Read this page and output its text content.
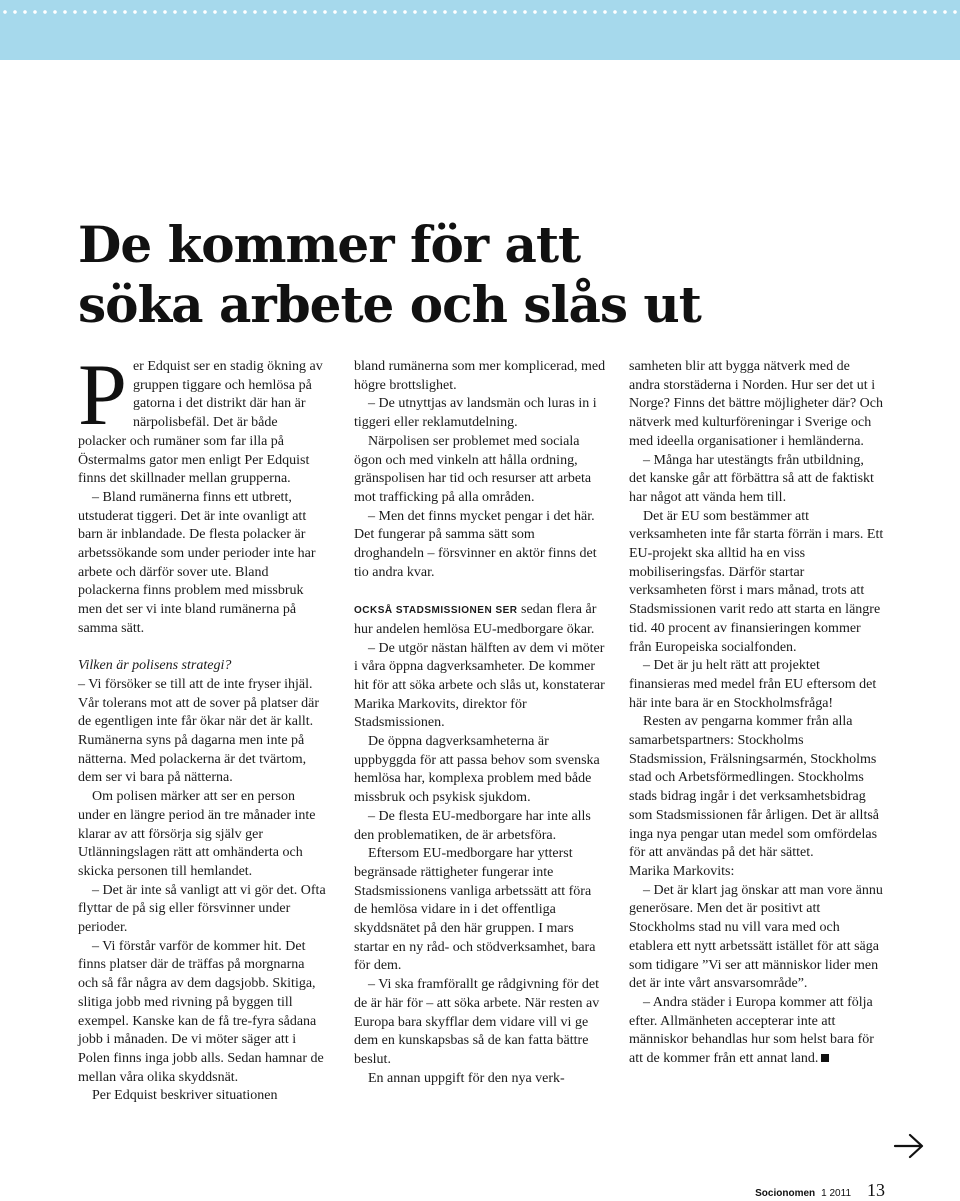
De kommer för att
söka arbete och slås ut

Per Edquist ser en stadig ökning av gruppen tiggare och hemlösa på gatorna i det distrikt där han är närpolisbefäl. Det är både polacker och rumäner som far illa på Östermalms gator men enligt Per Edquist finns det skillnader mellan grupperna.

– Bland rumänerna finns ett utbrett, utstuderat tiggeri. Det är inte ovanligt att barn är inblandade. De flesta polacker är arbetssökande som under perioder inte har arbete och därför sover ute. Bland polackerna finns problem med missbruk men det ser vi inte bland rumänerna på samma sätt.

Vilken är polisens strategi?

– Vi försöker se till att de inte fryser ihjäl. Vår tolerans mot att de sover på platser där de egentligen inte får ökar när det är kallt. Rumänerna syns på dagarna men inte på nätterna. Med polackerna är det tvärtom, dem ser vi bara på nätterna.

Om polisen märker att ser en person under en längre period än tre månader inte klarar av att försörja sig själv ger Utlänningslagen rätt att omhänderta och skicka personen till hemlandet.

– Det är inte så vanligt att vi gör det. Ofta flyttar de på sig eller försvinner under perioder.

– Vi förstår varför de kommer hit. Det finns platser där de träffas på morgnarna och så får några av dem dagsjobb. Skitiga, slitiga jobb med rivning på byggen till exempel. Kanske kan de få tre-fyra sådana jobb i månaden. De vi möter säger att i Polen finns inga jobb alls. Sedan hamnar de mellan våra olika skyddsnät.

Per Edquist beskriver situationen

bland rumänerna som mer komplicerad, med högre brottslighet.

– De utnyttjas av landsmän och luras in i tiggeri eller reklamutdelning.

Närpolisen ser problemet med sociala ögon och med vinkeln att hålla ordning, gränspolisen har tid och resurser att arbeta mot trafficking på alla områden.

– Men det finns mycket pengar i det här. Det fungerar på samma sätt som droghandeln – försvinner en aktör finns det tio andra kvar.

OCKSÅ STADSMISSIONEN SER sedan flera år hur andelen hemlösa EU-medborgare ökar.

– De utgör nästan hälften av dem vi möter i våra öppna dagverksamheter. De kommer hit för att söka arbete och slås ut, konstaterar Marika Markovits, direktor för Stadsmissionen.

De öppna dagverksamheterna är uppbyggda för att passa behov som svenska hemlösa har, komplexa problem med både missbruk och psykisk sjukdom.

– De flesta EU-medborgare har inte alls den problematiken, de är arbetsföra.

Eftersom EU-medborgare har ytterst begränsade rättigheter fungerar inte Stadsmissionens vanliga arbetssätt att föra de hemlösa vidare in i det offentliga skyddsnätet på den här gruppen. I mars startar en ny råd- och stödverksamhet, bara för dem.

– Vi ska framförallt ge rådgivning för det de är här för – att söka arbete. När resten av Europa bara skyfflar dem vidare vill vi ge dem en kunskapsbas så de kan fatta bättre beslut.

En annan uppgift för den nya verk-

samheten blir att bygga nätverk med de andra storstäderna i Norden. Hur ser det ut i Norge? Finns det bättre möjligheter där? Och nätverk med kulturföreningar i Sverige och med ideella organisationer i hemländerna.

– Många har utestängts från utbildning, det kanske går att förbättra så att de faktiskt har något att vända hem till.

Det är EU som bestämmer att verksamheten inte får starta förrän i mars. Ett EU-projekt ska alltid ha en viss mobiliseringsfas. Därför startar verksamheten först i mars månad, trots att Stadsmissionen varit redo att starta en längre tid. 40 procent av finansieringen kommer från Europeiska socialfonden.

– Det är ju helt rätt att projektet finansieras med medel från EU eftersom det här inte bara är en Stockholmsfråga!

Resten av pengarna kommer från alla samarbetspartners: Stockholms Stadsmission, Frälsningsarmén, Stockholms stad och Arbetsförmedlingen. Stockholms stads bidrag ingår i det verksamhetsbidrag som Stadsmissionen får årligen. Det är alltså inga nya pengar utan medel som omfördelas för att användas på det här sättet.

Marika Markovits:

– Det är klart jag önskar att man vore ännu generösare. Men det är positivt att Stockholms stad nu vill vara med och etablera ett nytt arbetssätt istället för att säga som tidigare ”Vi ser att människor lider men det är inte vårt ansvarsområde”.

– Andra städer i Europa kommer att följa efter. Allmänheten accepterar inte att människor behandlas hur som helst bara för att de kommer från ett annat land.

Socionomen 1 2011 13
